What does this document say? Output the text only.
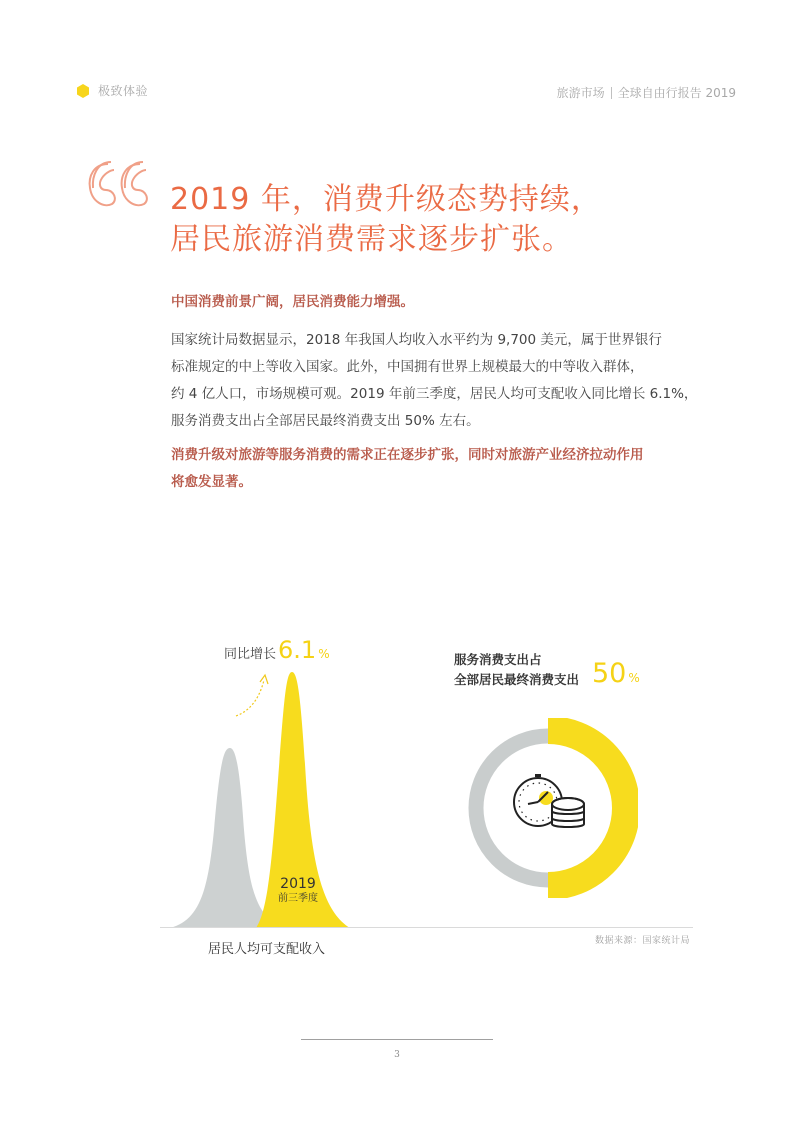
极致体验	旅游市场 全球自由行报告 2019
2019 年，消费升级态势持续，
居民旅游消费需求逐步扩张。
中国消费前景广阔，居民消费能力增强。
国家统计局数据显示，2018 年我国人均收入水平约为 9,700 美元，属于世界银行
标准规定的中上等收入国家。此外，中国拥有世界上规模最大的中等收入群体，
约 4 亿人口，市场规模可观。2019 年前三季度，居民人均可支配收入同比增长 6.1%，
服务消费支出占全部居民最终消费支出 50% 左右。
消费升级对旅游等服务消费的需求正在逐步扩张，同时对旅游产业经济拉动作用
将愈发显著。
同比增长 6.1 %
2019
前三季度
居民人均可支配收入
服务消费支出占
全部居民最终消费支出 50 %
数据来源：国家统计局
3
